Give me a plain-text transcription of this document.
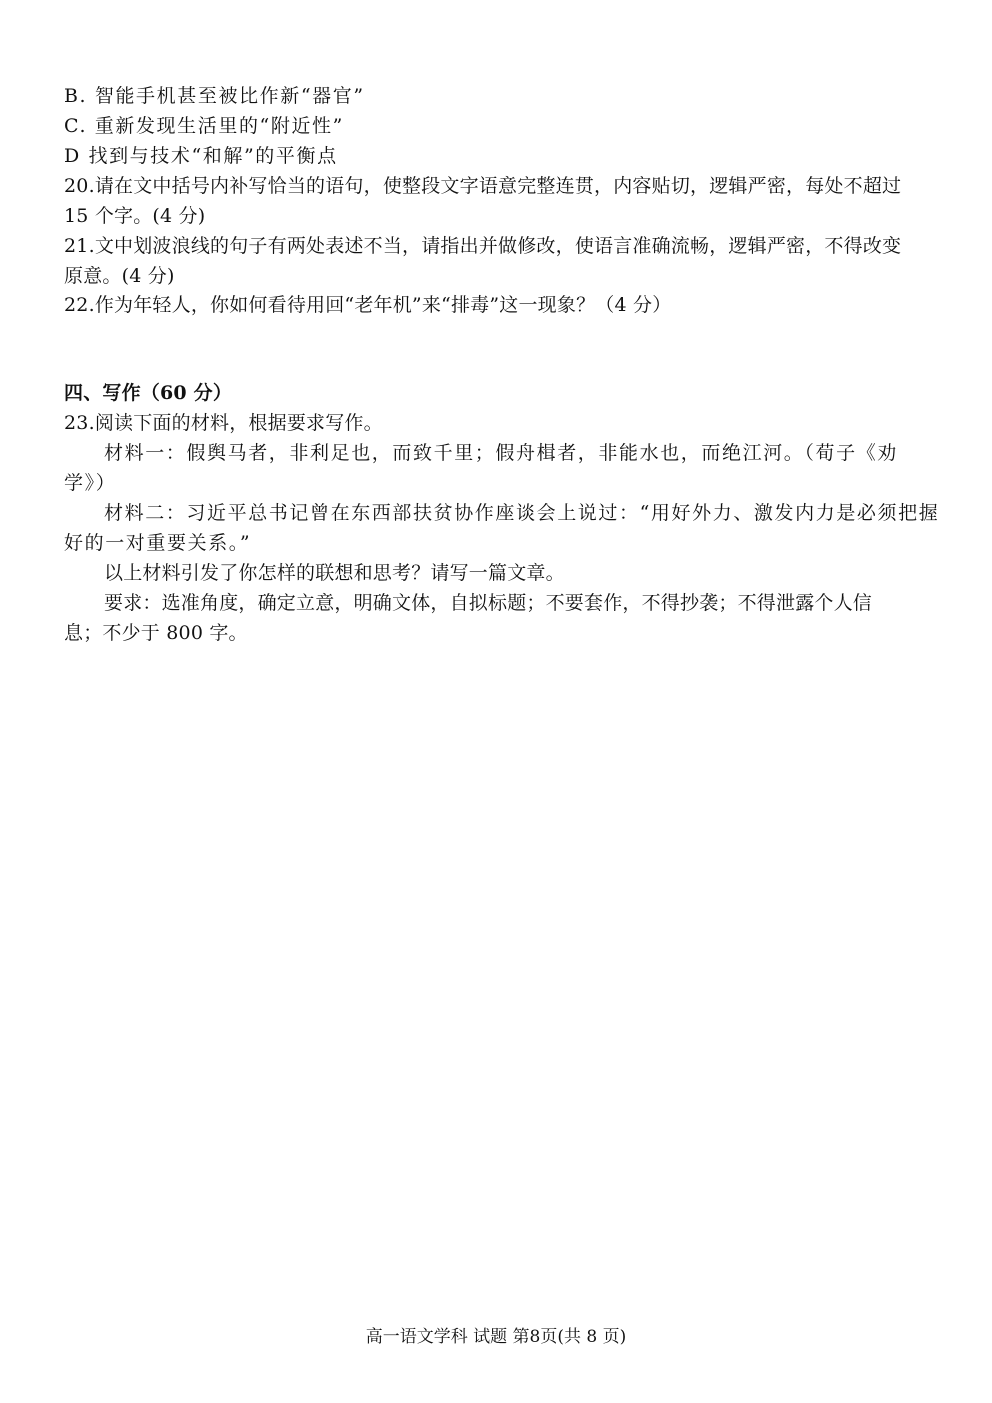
B. 智能手机甚至被比作新“器官”
C. 重新发现生活里的“附近性”
D 找到与技术“和解”的平衡点
20.请在文中括号内补写恰当的语句，使整段文字语意完整连贯，内容贴切，逻辑严密，每处不超过
15 个字。(4 分)
21.文中划波浪线的句子有两处表述不当，请指出并做修改，使语言准确流畅，逻辑严密，不得改变
原意。(4 分)
22.作为年轻人，你如何看待用回“老年机”来“排毒”这一现象？（4 分）
四、写作（60 分）
23.阅读下面的材料，根据要求写作。
材料一：假舆马者，非利足也，而致千里；假舟楫者，非能水也，而绝江河。（荀子《劝
学》）
材料二：习近平总书记曾在东西部扶贫协作座谈会上说过：“用好外力、激发内力是必须把握
好的一对重要关系。”
以上材料引发了你怎样的联想和思考？请写一篇文章。
要求：选准角度，确定立意，明确文体，自拟标题；不要套作，不得抄袭；不得泄露个人信
息；不少于 800 字。
高一语文学科 试题 第8页(共 8 页)
